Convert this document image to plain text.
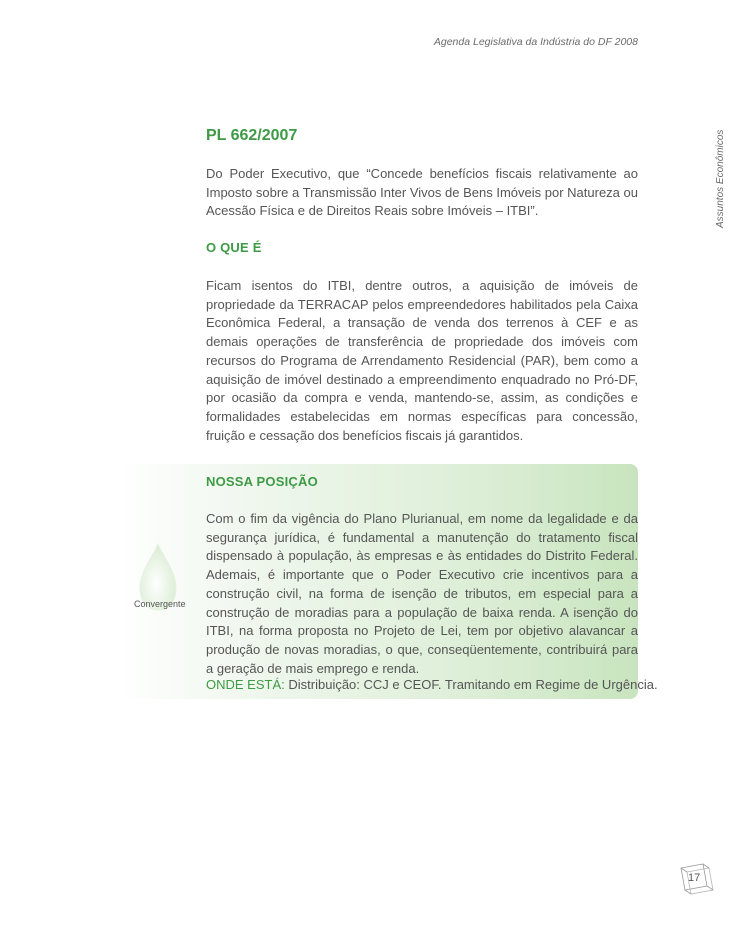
Agenda Legislativa da Indústria do DF 2008
Assuntos Econômicos
PL 662/2007

Do Poder Executivo, que “Concede benefícios fiscais relativamente ao Imposto sobre a Transmissão Inter Vivos de Bens Imóveis por Natureza ou Acessão Física e de Direitos Reais sobre Imóveis – ITBI”.

O QUE É

Ficam isentos do ITBI, dentre outros, a aquisição de imóveis de propriedade da TERRACAP pelos empreendedores habilitados pela Caixa Econômica Federal, a transação de venda dos terrenos à CEF e as demais operações de transferência de propriedade dos imóveis com recursos do Programa de Arrendamento Residencial (PAR), bem como a aquisição de imóvel destinado a empreendimento enquadrado no Pró-DF, por ocasião da compra e venda, mantendo-se, assim, as condições e formalidades estabelecidas em normas específicas para concessão, fruição e cessação dos benefícios fiscais já garantidos.

Convergente
NOSSA POSIÇÃO

Com o fim da vigência do Plano Plurianual, em nome da legalidade e da segurança jurídica, é fundamental a manutenção do tratamento fiscal dispensado à população, às empresas e às entidades do Distrito Federal. Ademais, é importante que o Poder Executivo crie incentivos para a construção civil, na forma de isenção de tributos, em especial para a construção de moradias para a população de baixa renda. A isenção do ITBI, na forma proposta no Projeto de Lei, tem por objetivo alavancar a produção de novas moradias, o que, conseqüentemente, contribuirá para a geração de mais emprego e renda.

ONDE ESTÁ: Distribuição: CCJ e CEOF. Tramitando em Regime de Urgência.

17
